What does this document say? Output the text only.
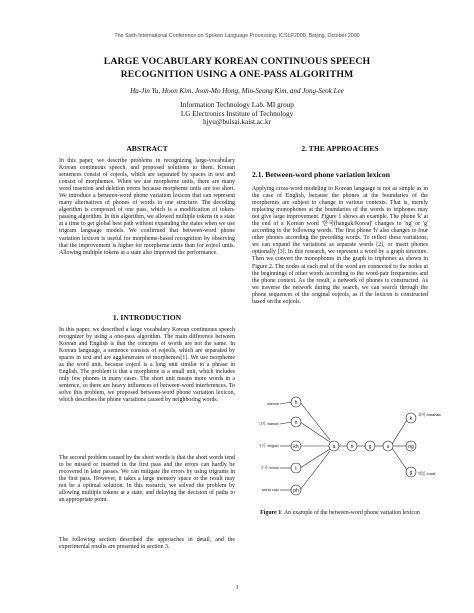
The Sixth International Conference on Spoken Language Processing, ICSLP2000, Beijing, October 2000
LARGE VOCABULARY KOREAN CONTINUOUS SPEECH
RECOGNITION USING A ONE-PASS ALGORITHM
Ha-Jin Yu, Hoon Kim, Joon-Mo Hong, Min-Seong Kim, and Jong-Seok Lee
Information Technology Lab. MI group
LG Electronics Institute of Technology
hjyu@bulsai.kaist.ac.kr
ABSTRACT
In this paper, we describe problems in recognizing large-vocabulary Korean continuous speech, and proposed solutions to them. Korean sentences consist of eojeols, which are separated by spaces in text and consist of morphemes. When we use morpheme units, there are many word insertion and deletion errors because morpheme units are too short. We introduce a between-word phone variation lexicon that can represent many alternatives of phones of words in one structure. The decoding algorithm is composed of one pass, which is a modification of token-passing algorithm. In this algorithm, we allowed multiple tokens in a state at a time to get global best path without expanding the states when we use trigram language models. We confirmed that between-word phone variation lexicon is useful for morpheme-based recognition by observing that the improvement is higher for morpheme units than for eojeol units. Allowing multiple tokens at a state also improved the performance.
1. INTRODUCTION
In this paper, we described a large vocabulary Korean continuous speech recognizer by using a one-pass algorithm. The main difference between Korean and English is that the concepts of words are not the same. In Korean language, a sentence consists of eojeols, which are separated by spaces in text and are agglomerates of morphemes[1]. We use morpheme as the word unit, because eojeol is a long unit similar to a phrase in English. The problem is that a morpheme is a small unit, which includes only few phones in many cases. The short unit means more words in a sentence, so there are heavy influences of between-word interferences. To solve this problem, we proposed between-word phone variation lexicon, which describes the phone variations caused by neighboring words.
The second problem caused by the short words is that the short words tend to be missed or inserted in the first pass and the errors can hardly be recovered in later passes. We can mitigate the errors by using trigrams in the first pass. However, it takes a large memory space or the result may not be a optimal solution. In this research, we solved the problem by allowing multiple tokens at a state, and delaying the decision of paths to an appropriate point.
The following section described the approaches in detail, and the experimental results are presented in section 3.
2. THE APPROACHES
2.1. Between-word phone variation lexicon
Applying cross-word modeling to Korean language is not as simple as in the case of English, because the phones at the boundaries of the morphemes are subject to change in various contexts. That is, merely replacing monophones at the boundaries of the words to triphones may not give large improvement. Figure 1 shows an example. The phone 'k' at the end of a Korean word '한국(hanguk/Korea)' changes to 'ng' or 'g' according to the following words. The first phone 'h' also changes to four other phones according the preceding words. To reflect these variations, we can expand the variations as separate words [2], or insert phones optionally [3]. In this research, we represent a word by a graph structure. Then we convert the monophones in the graph to triphones as shown in Figure 2. The nodes at each end of the word are connected to the nodes at the beginnings of other words according to the word-pair frequencies and the phone context. As the result, a network of phones is constructed. As we traverse the network during the search, we can search through the phone sequences of the original eojeols, as if the lexicon is constructed based on the eojeols.
h
n
kh
t
ph
a	n	g	u
k
ng
g
silence
나의 /nanuii/
우리 /miguk/
중국 /chuu/
world cup/
과학 /kwahak/
메일 /mail/
Figure 1: An example of the between-word phone variation lexicon
1
